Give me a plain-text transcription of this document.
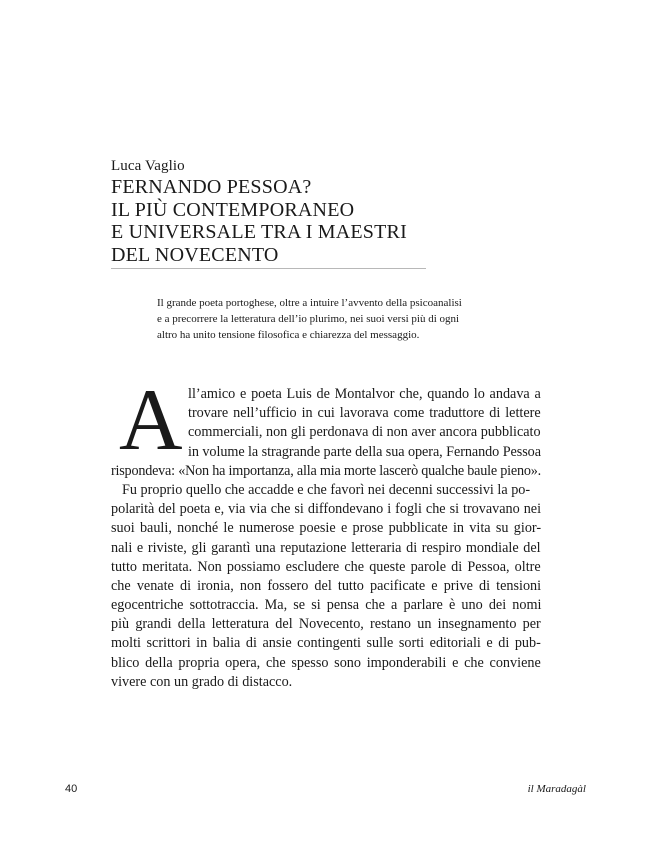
Luca Vaglio
FERNANDO PESSOA?
IL PIÙ CONTEMPORANEO
E UNIVERSALE TRA I MAESTRI
DEL NOVECENTO
Il grande poeta portoghese, oltre a intuire l’avvento della psicoanalisi
e a precorrere la letteratura dell’io plurimo, nei suoi versi più di ogni
altro ha unito tensione filosofica e chiarezza del messaggio.
A ll’amico e poeta Luis de Montalvor che, quando lo andava a
trovare nell’ufficio in cui lavorava come traduttore di lettere
commerciali, non gli perdonava di non aver ancora pubblicato
in volume la stragrande parte della sua opera, Fernando Pessoa
rispondeva: «Non ha importanza, alla mia morte lascerò qualche baule pieno».
Fu proprio quello che accadde e che favorì nei decenni successivi la po-
polarità del poeta e, via via che si diffondevano i fogli che si trovavano nei
suoi bauli, nonché le numerose poesie e prose pubblicate in vita su gior-
nali e riviste, gli garantì una reputazione letteraria di respiro mondiale del
tutto meritata. Non possiamo escludere che queste parole di Pessoa, oltre
che venate di ironia, non fossero del tutto pacificate e prive di tensioni
egocentriche sottotraccia. Ma, se si pensa che a parlare è uno dei nomi
più grandi della letteratura del Novecento, restano un insegnamento per
molti scrittori in balia di ansie contingenti sulle sorti editoriali e di pub-
blico della propria opera, che spesso sono imponderabili e che conviene
vivere con un grado di distacco.
40	il Maradagàl
